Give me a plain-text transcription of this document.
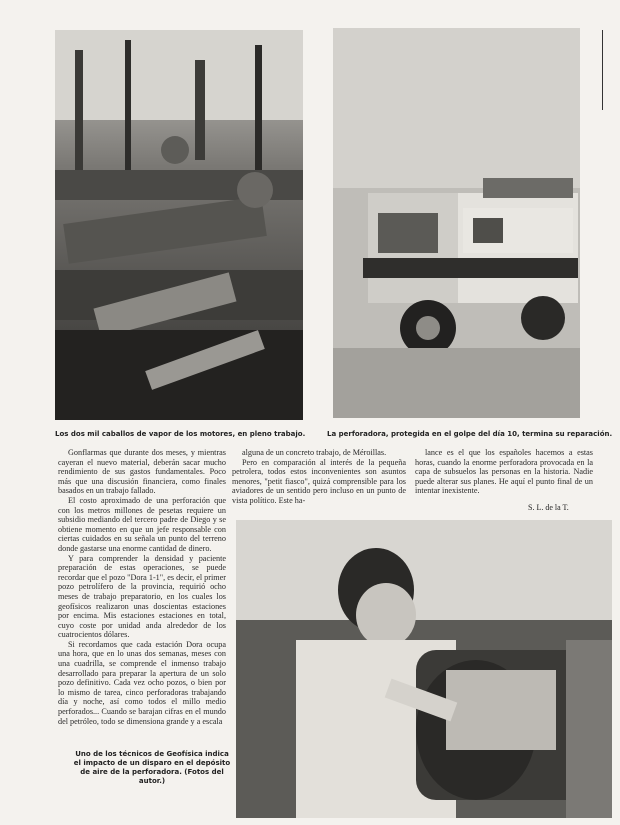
Los dos mil caballos de vapor de los motores, en pleno trabajo.	La perforadora, protegida en el golpe del día 10, termina su reparación.

Gonflarmas que durante dos meses, y mientras cayeran el nuevo material, deberán sacar mucho rendimiento de sus gastos fundamentales. Poco más que una discusión financiera, como finales basados en un trabajo fallado.

El costo aproximado de una perforación que con los metros millones de pesetas requiere un subsidio mediando del tercero padre de Diego y se obtiene momento en que un jefe responsable con ciertas cuidados en su señala un punto del terreno donde gastarse una enorme cantidad de dinero.

Y para comprender la densidad y paciente preparación de estas operaciones, se puede recordar que el pozo "Dora 1-1", es decir, el primer pozo petrolífero de la provincia, requirió ocho meses de trabajo preparatorio, en los cuales los geofísicos realizaron unas doscientas estaciones por encima. Mis estaciones estaciones en total, cuyo coste por unidad anda alrededor de los cuatrocientos dólares.

Si recordamos que cada estación Dora ocupa una hora, que en lo unas dos semanas, meses con una cuadrilla, se comprende el inmenso trabajo desarrollado para preparar la apertura de un solo pozo definitivo. Cada vez ocho pozos, o bien por lo mismo de tarea, cinco perforadoras trabajando día y noche, así como todos el millo medio perforados... Cuando se barajan cifras en el mundo del petróleo, todo se dimensiona grande y a escala

alguna de un concreto trabajo, de Méroillas.

Pero en comparación al interés de la pequeña petrolera, todos estos inconvenientes son asuntos menores, "petit fiasco", quizá comprensible para los aviadores de un sentido pero incluso en un punto de vista político. Este ha-

lance es el que los españoles hacemos a estas horas, cuando la enorme perforadora provocada en la capa de subsuelos las personas en la historia. Nadie puede alterar sus planes. He aquí el punto final de un intentar inexistente.

S. L. de la T.
Uno de los técnicos de Geofísica indica el impacto de un disparo en el depósito de aire de la perforadora. (Fotos del autor.)
